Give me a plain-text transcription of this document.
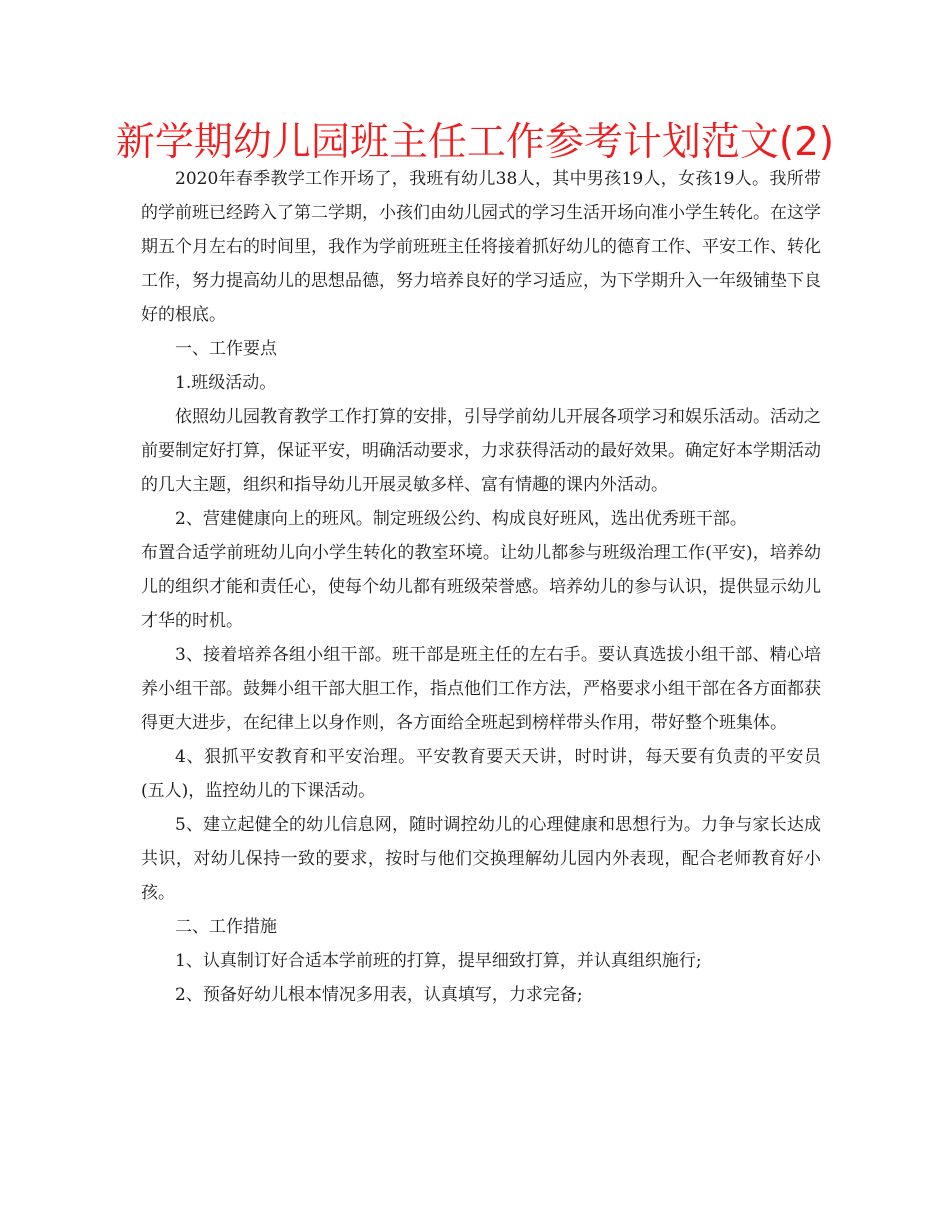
新学期幼儿园班主任工作参考计划范文(2)

2020年春季教学工作开场了，我班有幼儿38人，其中男孩19人，女孩19人。我所带的学前班已经跨入了第二学期，小孩们由幼儿园式的学习生活开场向准小学生转化。在这学期五个月左右的时间里，我作为学前班班主任将接着抓好幼儿的德育工作、平安工作、转化工作，努力提高幼儿的思想品德，努力培养良好的学习适应，为下学期升入一年级铺垫下良好的根底。

一、工作要点

1.班级活动。

依照幼儿园教育教学工作打算的安排，引导学前幼儿开展各项学习和娱乐活动。活动之前要制定好打算，保证平安，明确活动要求，力求获得活动的最好效果。确定好本学期活动的几大主题，组织和指导幼儿开展灵敏多样、富有情趣的课内外活动。

2、营建健康向上的班风。制定班级公约、构成良好班风，选出优秀班干部。

布置合适学前班幼儿向小学生转化的教室环境。让幼儿都参与班级治理工作(平安)，培养幼儿的组织才能和责任心，使每个幼儿都有班级荣誉感。培养幼儿的参与认识，提供显示幼儿才华的时机。

3、接着培养各组小组干部。班干部是班主任的左右手。要认真选拔小组干部、精心培养小组干部。鼓舞小组干部大胆工作，指点他们工作方法，严格要求小组干部在各方面都获得更大进步，在纪律上以身作则，各方面给全班起到榜样带头作用，带好整个班集体。

4、狠抓平安教育和平安治理。平安教育要天天讲，时时讲，每天要有负责的平安员(五人)，监控幼儿的下课活动。

5、建立起健全的幼儿信息网，随时调控幼儿的心理健康和思想行为。力争与家长达成共识，对幼儿保持一致的要求，按时与他们交换理解幼儿园内外表现，配合老师教育好小孩。

二、工作措施

1、认真制订好合适本学前班的打算，提早细致打算，并认真组织施行;

2、预备好幼儿根本情况多用表，认真填写，力求完备;
